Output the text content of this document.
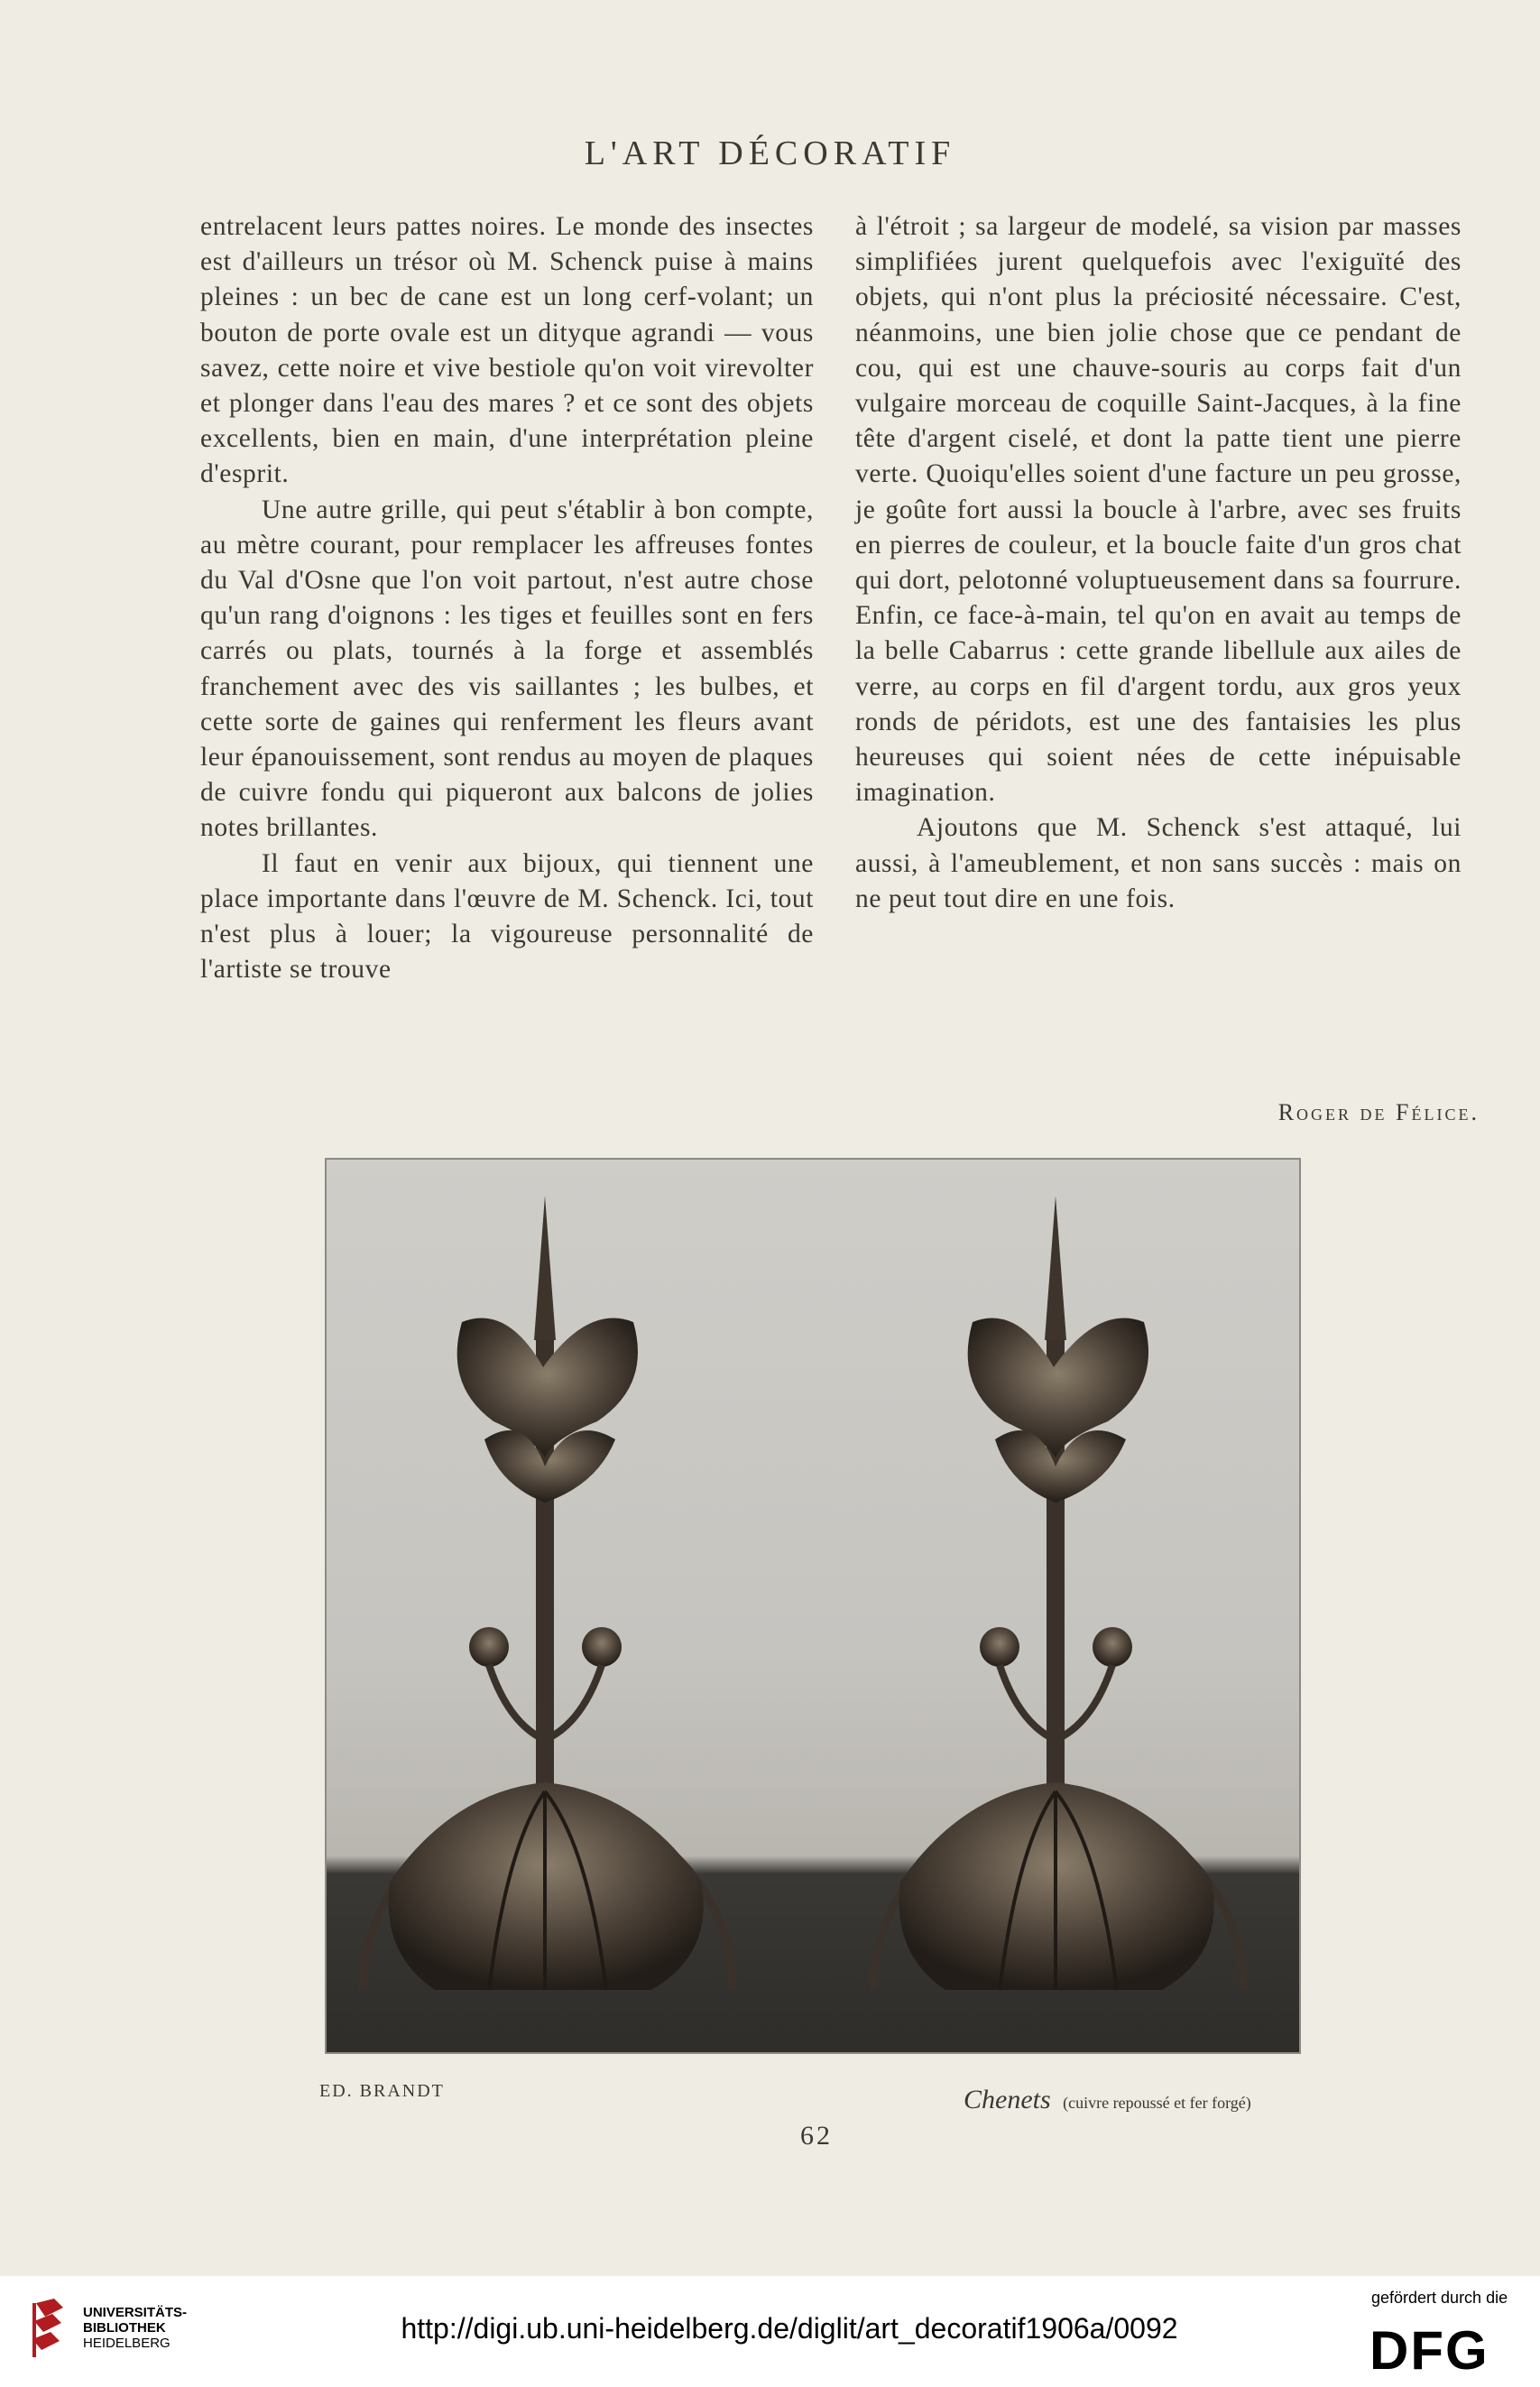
L'ART DÉCORATIF

entrelacent leurs pattes noires. Le monde des insectes est d'ailleurs un trésor où M. Schenck puise à mains pleines : un bec de cane est un long cerf-volant; un bouton de porte ovale est un dityque agrandi — vous savez, cette noire et vive bestiole qu'on voit virevolter et plonger dans l'eau des mares ? et ce sont des objets excellents, bien en main, d'une interprétation pleine d'esprit.

Une autre grille, qui peut s'établir à bon compte, au mètre courant, pour remplacer les affreuses fontes du Val d'Osne que l'on voit partout, n'est autre chose qu'un rang d'oignons : les tiges et feuilles sont en fers carrés ou plats, tournés à la forge et assemblés franchement avec des vis saillantes ; les bulbes, et cette sorte de gaines qui renferment les fleurs avant leur épanouissement, sont rendus au moyen de plaques de cuivre fondu qui piqueront aux balcons de jolies notes brillantes.

Il faut en venir aux bijoux, qui tiennent une place importante dans l'œuvre de M. Schenck. Ici, tout n'est plus à louer; la vigoureuse personnalité de l'artiste se trouve

à l'étroit ; sa largeur de modelé, sa vision par masses simplifiées jurent quelquefois avec l'exiguïté des objets, qui n'ont plus la préciosité nécessaire. C'est, néanmoins, une bien jolie chose que ce pendant de cou, qui est une chauve-souris au corps fait d'un vulgaire morceau de coquille Saint-Jacques, à la fine tête d'argent ciselé, et dont la patte tient une pierre verte. Quoiqu'elles soient d'une facture un peu grosse, je goûte fort aussi la boucle à l'arbre, avec ses fruits en pierres de couleur, et la boucle faite d'un gros chat qui dort, pelotonné voluptueusement dans sa fourrure. Enfin, ce face-à-main, tel qu'on en avait au temps de la belle Cabarrus : cette grande libellule aux ailes de verre, au corps en fil d'argent tordu, aux gros yeux ronds de péridots, est une des fantaisies les plus heureuses qui soient nées de cette inépuisable imagination.

Ajoutons que M. Schenck s'est attaqué, lui aussi, à l'ameublement, et non sans succès : mais on ne peut tout dire en une fois.

Roger de Félice.
ED. BRANDT	Chenets (cuivre repoussé et fer forgé)
62
UNIVERSITÄTS-
BIBLIOTHEK
HEIDELBERG	http://digi.ub.uni-heidelberg.de/diglit/art_decoratif1906a/0092
gefördert durch die
DFG
